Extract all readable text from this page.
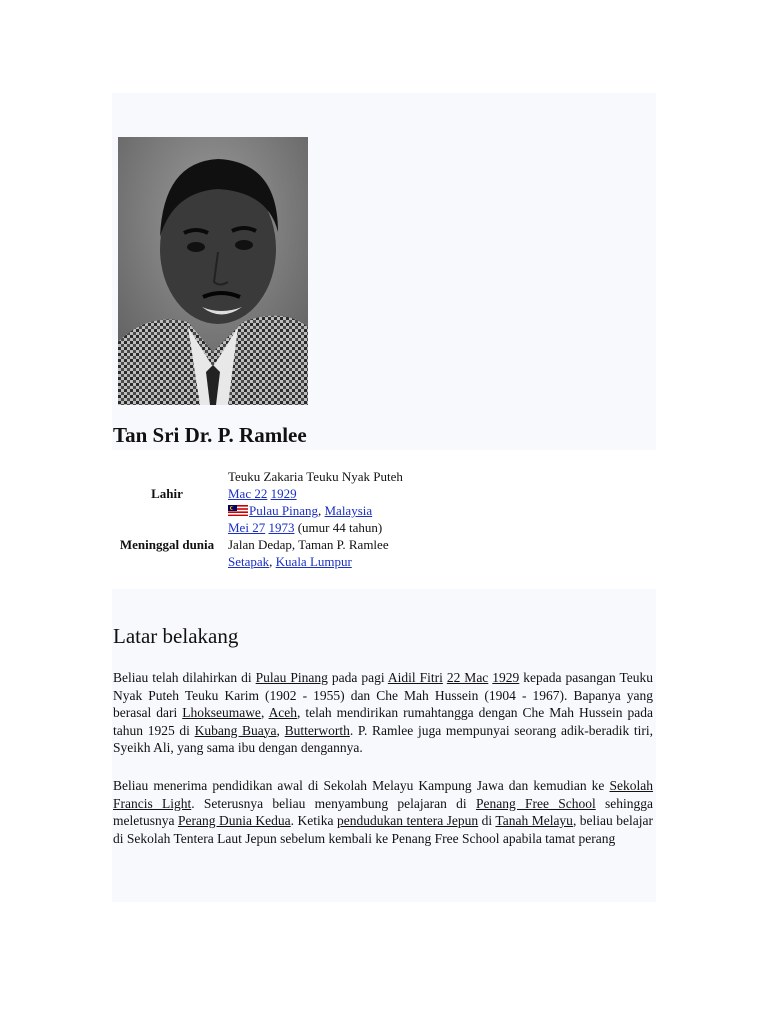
Tan Sri Dr. P. Ramlee
Lahir	Teuku Zakaria Teuku Nyak Puteh
Mac 22 1929
Pulau Pinang, Malaysia
Meninggal dunia	Mei 27 1973 (umur 44 tahun)
Jalan Dedap, Taman P. Ramlee
Setapak, Kuala Lumpur
Latar belakang

Beliau telah dilahirkan di Pulau Pinang pada pagi Aidil Fitri 22 Mac 1929 kepada pasangan Teuku Nyak Puteh Teuku Karim (1902 - 1955) dan Che Mah Hussein (1904 - 1967). Bapanya yang berasal dari Lhokseumawe, Aceh, telah mendirikan rumahtangga dengan Che Mah Hussein pada tahun 1925 di Kubang Buaya, Butterworth. P. Ramlee juga mempunyai seorang adik-beradik tiri, Syeikh Ali, yang sama ibu dengan dengannya.

Beliau menerima pendidikan awal di Sekolah Melayu Kampung Jawa dan kemudian ke Sekolah Francis Light. Seterusnya beliau menyambung pelajaran di Penang Free School sehingga meletusnya Perang Dunia Kedua. Ketika pendudukan tentera Jepun di Tanah Melayu, beliau belajar di Sekolah Tentera Laut Jepun sebelum kembali ke Penang Free School apabila tamat perang
